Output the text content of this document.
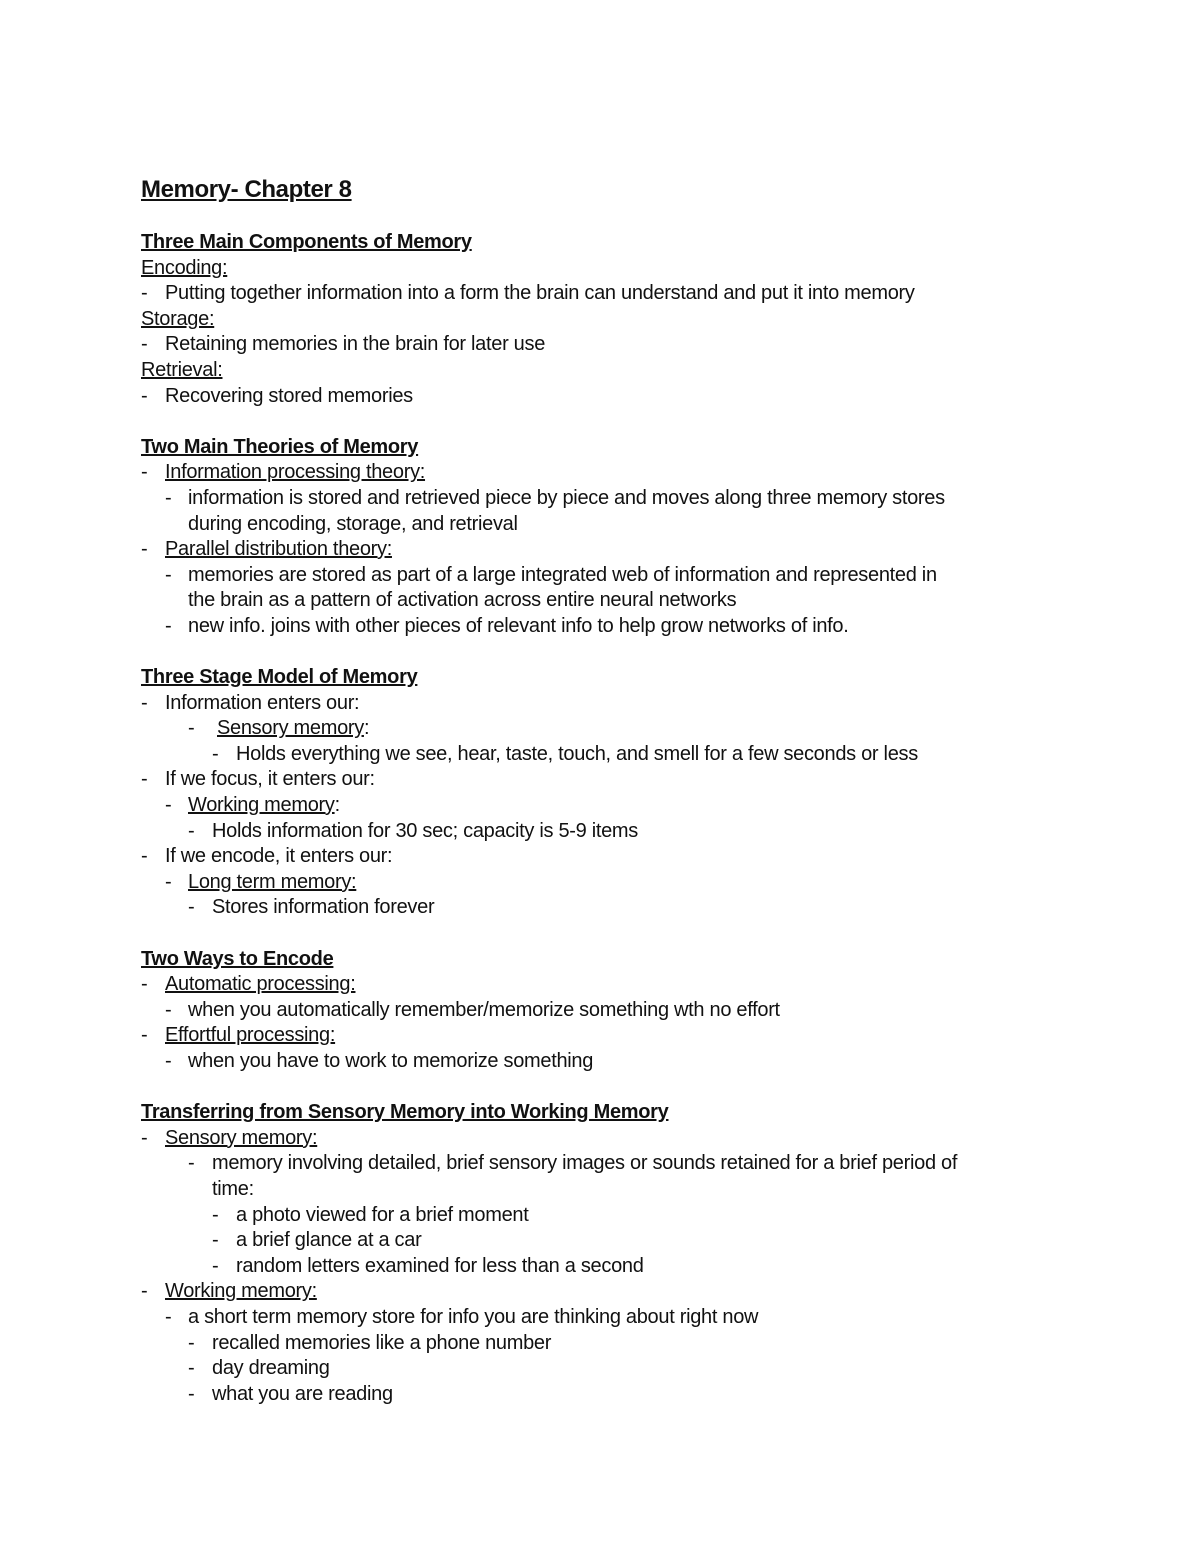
Memory- Chapter 8
Three Main Components of Memory
Encoding:
- Putting together information into a form the brain can understand and put it into memory
Storage:
- Retaining memories in the brain for later use
Retrieval:
- Recovering stored memories
Two Main Theories of Memory
- Information processing theory:
- information is stored and retrieved piece by piece and moves along three memory stores
during encoding, storage, and retrieval
- Parallel distribution theory:
- memories are stored as part of a large integrated web of information and represented in
the brain as a pattern of activation across entire neural networks
- new info. joins with other pieces of relevant info to help grow networks of info.
Three Stage Model of Memory
- Information enters our:
-	Sensory memory:
- Holds everything we see, hear, taste, touch, and smell for a few seconds or less
- If we focus, it enters our:
- Working memory:
- Holds information for 30 sec; capacity is 5-9 items
- If we encode, it enters our:
- Long term memory:
- Stores information forever
Two Ways to Encode
- Automatic processing:
- when you automatically remember/memorize something wth no effort
- Effortful processing:
- when you have to work to memorize something
Transferring from Sensory Memory into Working Memory
- Sensory memory:
- memory involving detailed, brief sensory images or sounds retained for a brief period of
time:
- a photo viewed for a brief moment
- a brief glance at a car
- random letters examined for less than a second
- Working memory:
- a short term memory store for info you are thinking about right now
- recalled memories like a phone number
- day dreaming
- what you are reading
